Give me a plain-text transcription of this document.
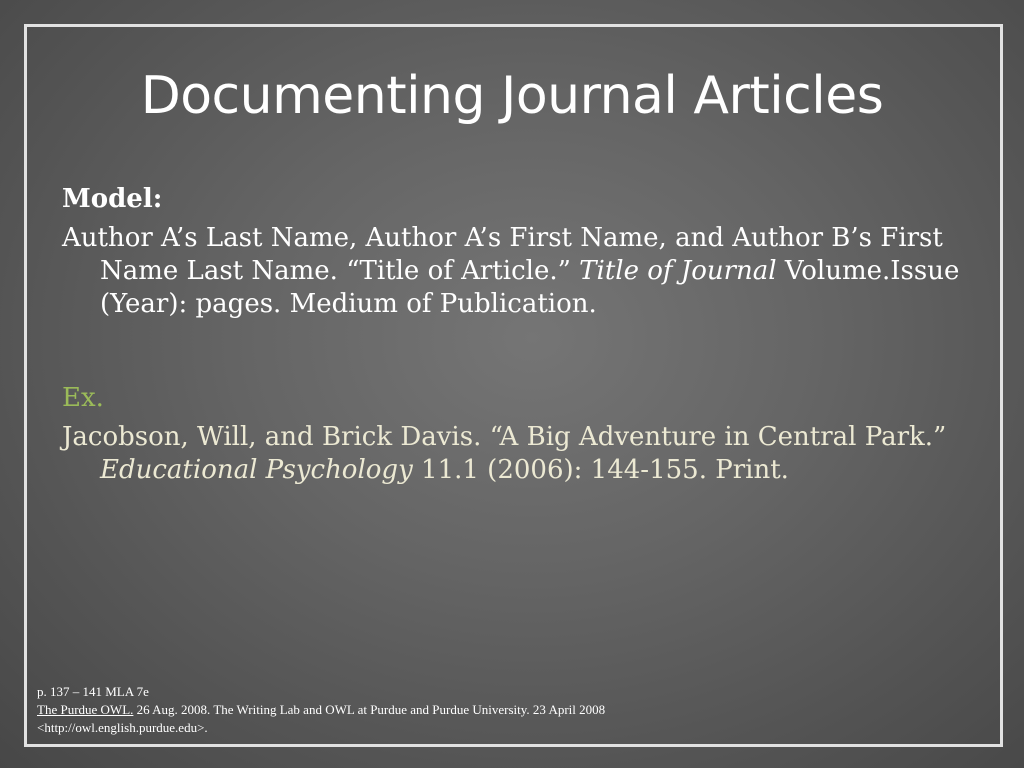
Documenting Journal Articles
Model:

Author A’s Last Name, Author A’s First Name, and Author B’s First Name Last Name. “Title of Article.” Title of Journal Volume.Issue (Year): pages. Medium of Publication.

Ex.

Jacobson, Will, and Brick Davis. “A Big Adventure in Central Park.” Educational Psychology 11.1 (2006): 144-155. Print.

p. 137 – 141 MLA 7e
The Purdue OWL. 26 Aug. 2008. The Writing Lab and OWL at Purdue and Purdue University. 23 April 2008
<http://owl.english.purdue.edu>.
